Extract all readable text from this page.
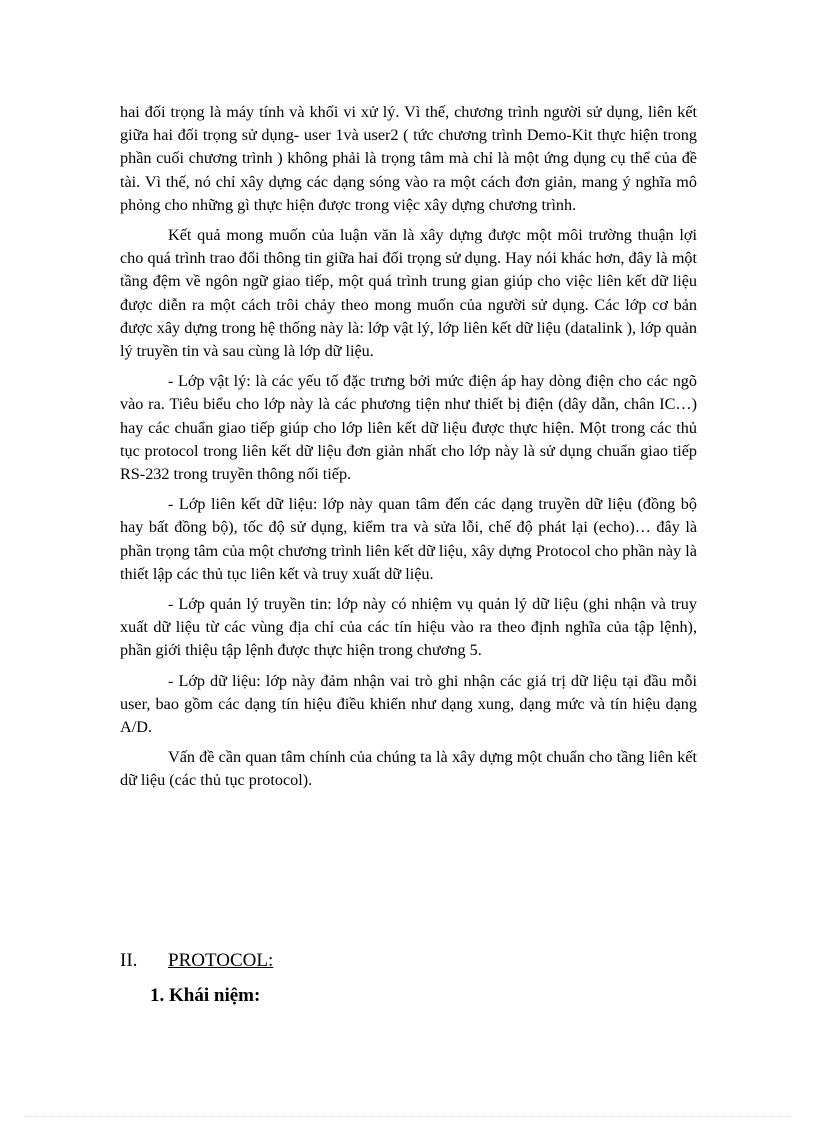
hai đối trọng là máy tính và khối vi xử lý. Vì thế, chương trình người sử dụng, liên kết giữa hai đối trọng sử dụng- user 1và user2 ( tức chương trình Demo-Kit thực hiện trong phần cuối chương trình ) không phải là trọng tâm mà chỉ là một ứng dụng cụ thể của đề tài. Vì thế, nó chỉ xây dựng các dạng sóng vào ra một cách đơn giản, mang ý nghĩa mô phỏng cho những gì thực hiện được trong việc xây dựng chương trình.

Kết quả mong muốn của luận văn là xây dựng được một môi trường thuận lợi cho quá trình trao đổi thông tin giữa hai đối trọng sử dụng. Hay nói khác hơn, đây là một tầng đệm về ngôn ngữ giao tiếp, một quá trình trung gian giúp cho việc liên kết dữ liệu được diễn ra một cách trôi chảy theo mong muốn của người sử dụng. Các lớp cơ bản được xây dựng trong hệ thống này là: lớp vật lý, lớp liên kết dữ liệu (datalink ), lớp quản lý truyền tin và sau cùng là lớp dữ liệu.

- Lớp vật lý: là các yếu tố đặc trưng bởi mức điện áp hay dòng điện cho các ngõ vào ra. Tiêu biểu cho lớp này là các phương tiện như thiết bị điện (dây dẫn, chân IC…) hay các chuẩn giao tiếp giúp cho lớp liên kết dữ liệu được thực hiện. Một trong các thủ tục protocol trong liên kết dữ liệu đơn giản nhất cho lớp này là sử dụng chuẩn giao tiếp RS-232 trong truyền thông nối tiếp.

- Lớp liên kết dữ liệu: lớp này quan tâm đến các dạng truyền dữ liệu (đồng bộ hay bất đồng bộ), tốc độ sử dụng, kiểm tra và sửa lỗi, chế độ phát lại (echo)… đây là phần trọng tâm của một chương trình liên kết dữ liệu, xây dựng Protocol cho phần này là thiết lập các thủ tục liên kết và truy xuất dữ liệu.

- Lớp quản lý truyền tin: lớp này có nhiệm vụ quản lý dữ liệu (ghi nhận và truy xuất dữ liệu từ các vùng địa chỉ của các tín hiệu vào ra theo định nghĩa của tập lệnh), phần giới thiệu tập lệnh được thực hiện trong chương 5.

- Lớp dữ liệu: lớp này đảm nhận vai trò ghi nhận các giá trị dữ liệu tại đầu mỗi user, bao gồm các dạng tín hiệu điều khiển như dạng xung, dạng mức và tín hiệu dạng A/D.

Vấn đề cần quan tâm chính của chúng ta là xây dựng một chuẩn cho tầng liên kết dữ liệu (các thủ tục protocol).

II. PROTOCOL:
1. Khái niệm:
